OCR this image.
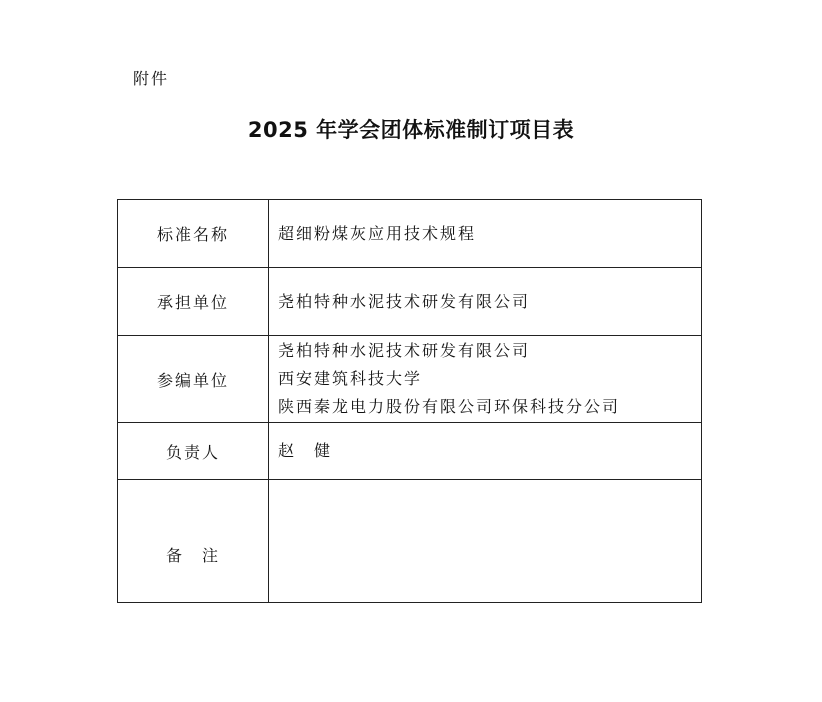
附件
2025 年学会团体标准制订项目表
标准名称	超细粉煤灰应用技术规程
承担单位	尧柏特种水泥技术研发有限公司
参编单位	尧柏特种水泥技术研发有限公司
西安建筑科技大学
陕西秦龙电力股份有限公司环保科技分公司

负责人	赵　健
备　注	
